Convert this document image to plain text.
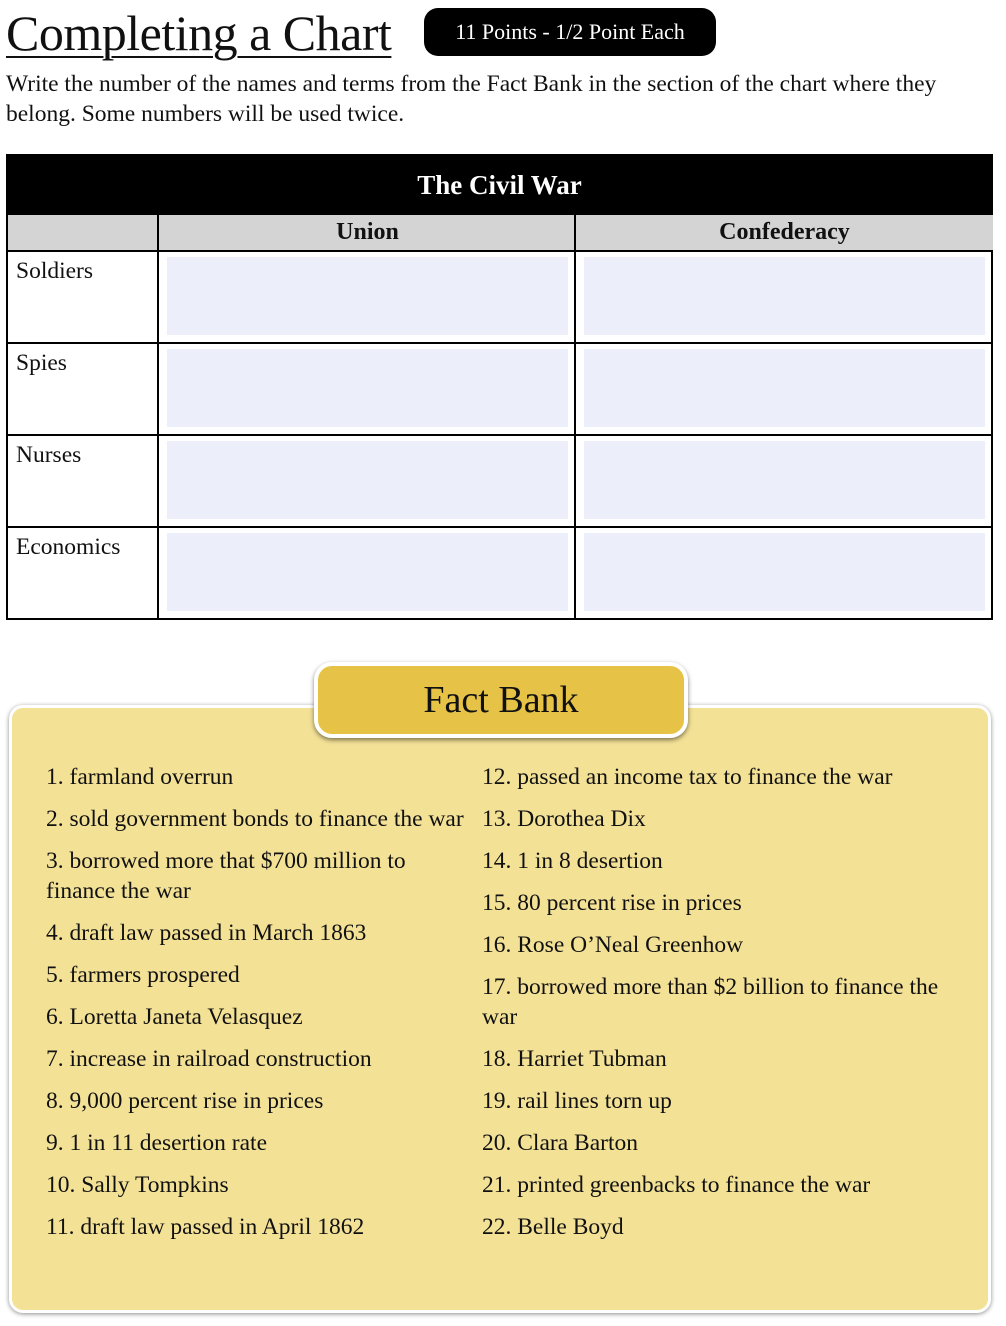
Completing a Chart	11 Points - 1/2 Point Each
Write the number of the names and terms from the Fact Bank in the section of the chart where they belong. Some numbers will be used twice.
The Civil War
Union	Confederacy
Soldiers
Spies
Nurses
Economics
Fact Bank
1. farmland overrun
2. sold government bonds to finance the war
3. borrowed more that $700 million to finance the war
4. draft law passed in March 1863
5. farmers prospered
6. Loretta Janeta Velasquez
7. increase in railroad construction
8. 9,000 percent rise in prices
9. 1 in 11 desertion rate
10. Sally Tompkins
11. draft law passed in April 1862
12. passed an income tax to finance the war
13. Dorothea Dix
14. 1 in 8 desertion
15. 80 percent rise in prices
16. Rose O’Neal Greenhow
17. borrowed more than $2 billion to finance the war
18. Harriet Tubman
19. rail lines torn up
20. Clara Barton
21. printed greenbacks to finance the war
22. Belle Boyd
